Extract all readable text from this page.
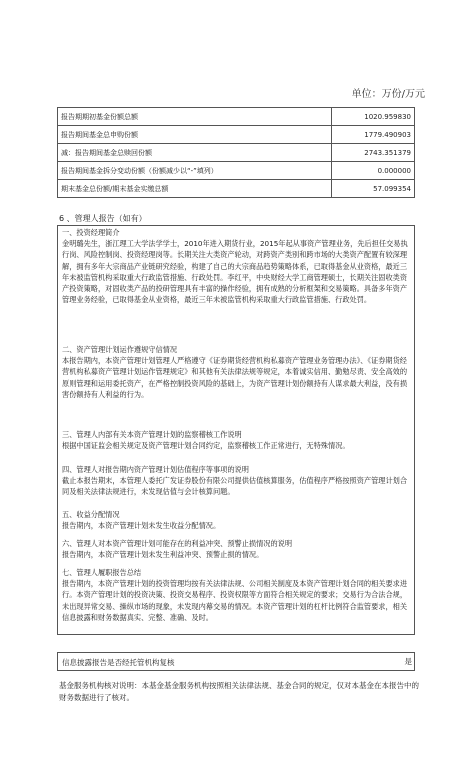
单位：万份/万元
报告期期初基金份额总额	1020.959830
报告期间基金总申购份额	1779.490903
减：报告期间基金总赎回份额	2743.351379
报告期间基金拆分变动份额（份额减少以“-”填列）	0.000000
期末基金总份额/期末基金实缴总额	57.099354
6 、管理人报告（如有）
一、投资经理简介
金明璐先生，浙江理工大学法学学士，2010年进入期货行业，2015年起从事资产管理业务，先后担任交易执行岗、风险控制岗、投资经理岗等。长期关注大类资产轮动，对跨资产类别和跨市场的大类资产配置有较深理解，拥有多年大宗商品产业链研究经验，构建了自己的大宗商品趋势策略体系，已取得基金从业资格，最近三年未被监管机构采取重大行政监管措施、行政处罚。李红平，中央财经大学工商管理硕士，长期关注固收类资产投资策略，对固收类产品的投研管理具有丰富的操作经验，拥有成熟的分析框架和交易策略。具备多年资产管理业务经验，已取得基金从业资格，最近三年未被监管机构采取重大行政监管措施、行政处罚。
二、资产管理计划运作遵规守信情况
本报告期内，本资产管理计划管理人严格遵守《证券期货经营机构私募资产管理业务管理办法》、《证券期货经营机构私募资产管理计划运作管理规定》和其他有关法律法规等规定，本着诚实信用、勤勉尽责、安全高效的原则管理和运用委托资产，在严格控制投资风险的基础上，为资产管理计划份额持有人谋求最大利益，没有损害份额持有人利益的行为。
三、管理人内部有关本资产管理计划的监察稽核工作说明
根据中国证监会相关规定及资产管理计划合同约定，监察稽核工作正常进行，无特殊情况。
四、管理人对报告期内资产管理计划估值程序等事项的说明
截止本报告期末，本管理人委托广发证券股份有限公司提供估值核算服务，估值程序严格按照资产管理计划合同及相关法律法规进行，未发现估值与会计核算问题。
五、收益分配情况
报告期内，本资产管理计划未发生收益分配情况。
六、管理人对本资产管理计划可能存在的利益冲突、预警止损情况的说明
报告期内，本资产管理计划未发生利益冲突、预警止损的情况。
七、管理人履职报告总结
报告期内，本资产管理计划的投资管理均按有关法律法规、公司相关制度及本资产管理计划合同的相关要求进行。本资产管理计划的投资决策、投资交易程序、投资权限等方面符合相关规定的要求；交易行为合法合规，未出现异常交易、操纵市场的现象，未发现内幕交易的情况。本资产管理计划的杠杆比例符合监管要求，相关信息披露和财务数据真实、完整、准确、及时。
信息披露报告是否经托管机构复核	是
基金服务机构核对说明：本基金基金服务机构按照相关法律法规、基金合同的规定，仅对本基金在本报告中的财务数据进行了核对。
